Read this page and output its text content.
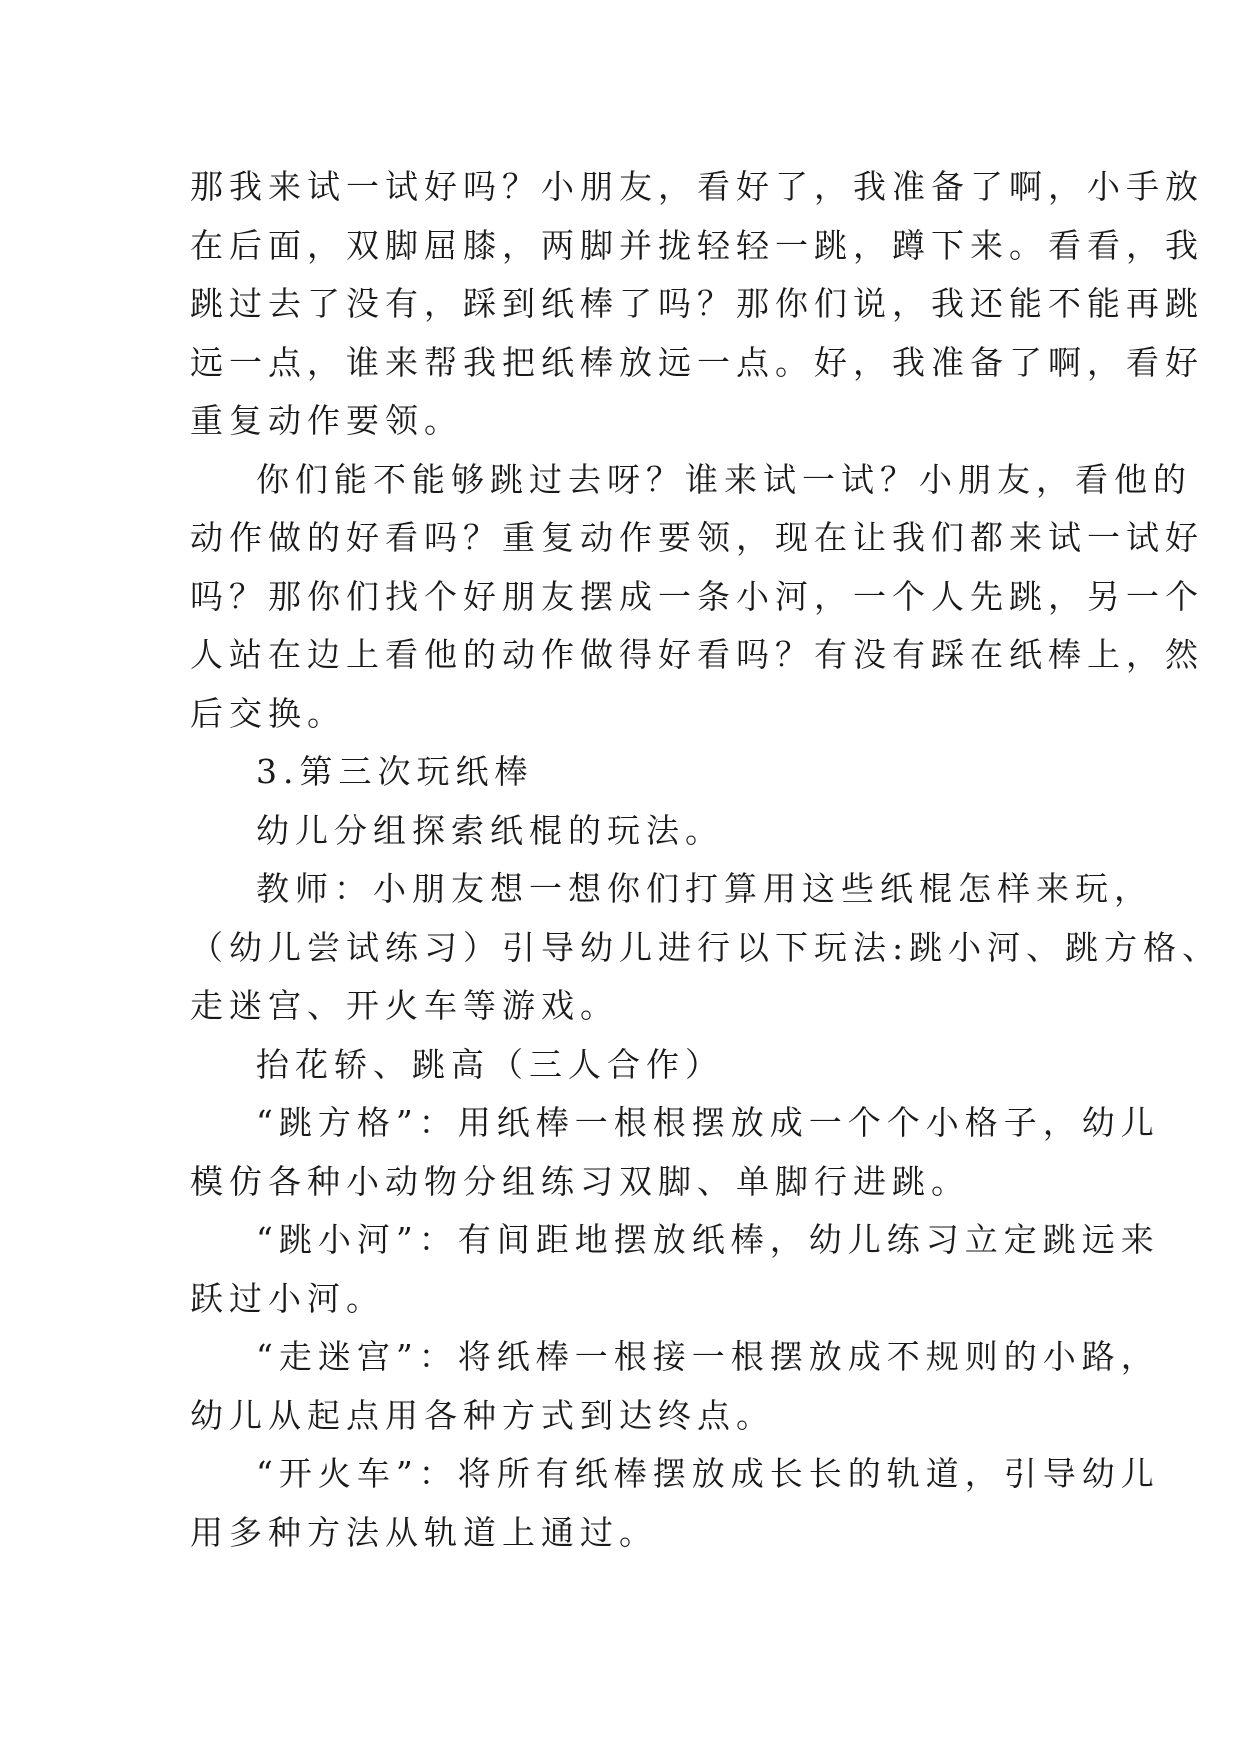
那我来试一试好吗？小朋友，看好了，我准备了啊，小手放
在后面，双脚屈膝，两脚并拢轻轻一跳，蹲下来。看看，我
跳过去了没有，踩到纸棒了吗？那你们说，我还能不能再跳
远一点，谁来帮我把纸棒放远一点。好，我准备了啊，看好
重复动作要领。

你们能不能够跳过去呀？谁来试一试？小朋友，看他的
动作做的好看吗？重复动作要领，现在让我们都来试一试好
吗？那你们找个好朋友摆成一条小河，一个人先跳，另一个
人站在边上看他的动作做得好看吗？有没有踩在纸棒上，然
后交换。

3.第三次玩纸棒

幼儿分组探索纸棍的玩法。

教师：小朋友想一想你们打算用这些纸棍怎样来玩，
（幼儿尝试练习）引导幼儿进行以下玩法:跳小河、跳方格、
走迷宫、开火车等游戏。

抬花轿、跳高（三人合作）

“跳方格”：用纸棒一根根摆放成一个个小格子，幼儿
模仿各种小动物分组练习双脚、单脚行进跳。

“跳小河”：有间距地摆放纸棒，幼儿练习立定跳远来
跃过小河。

“走迷宫”：将纸棒一根接一根摆放成不规则的小路，
幼儿从起点用各种方式到达终点。

“开火车”：将所有纸棒摆放成长长的轨道，引导幼儿
用多种方法从轨道上通过。
